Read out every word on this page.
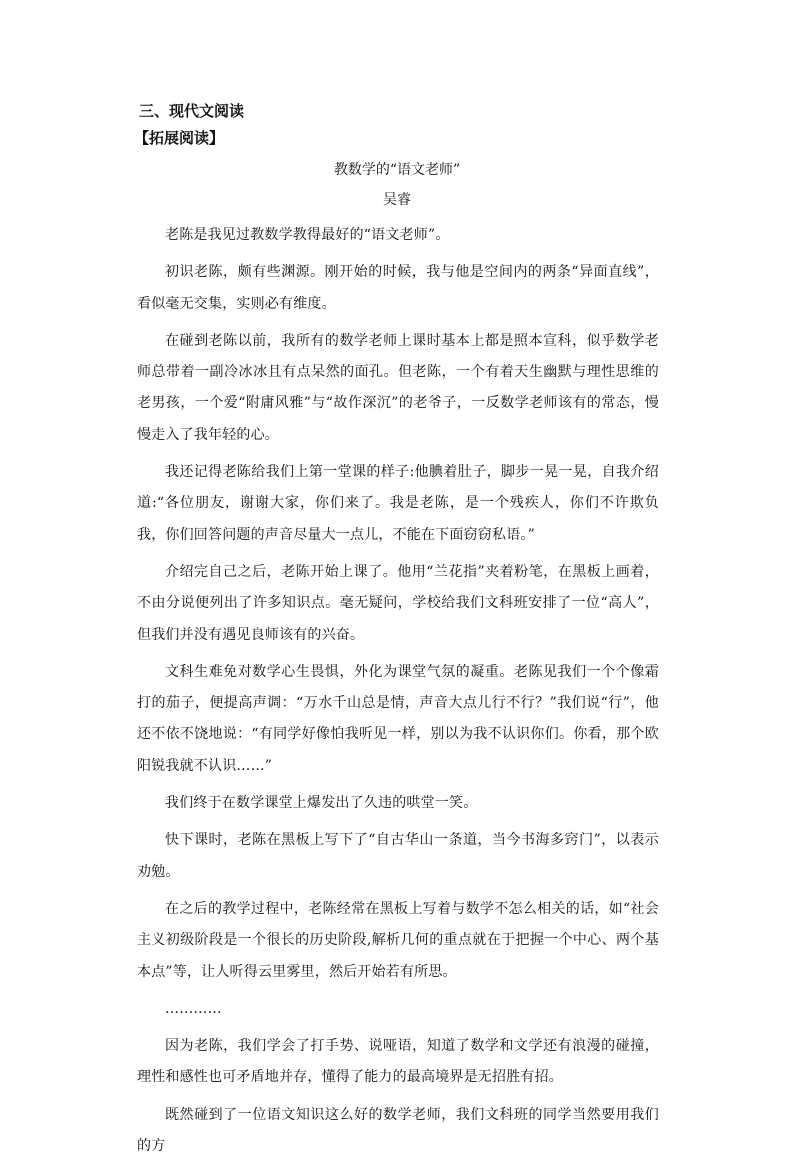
三、现代文阅读
【拓展阅读】
教数学的“语文老师”
吴睿

老陈是我见过教数学教得最好的“语文老师”。

初识老陈，颇有些渊源。刚开始的时候，我与他是空间内的两条“异面直线”，看似毫无交集，实则必有维度。

在碰到老陈以前，我所有的数学老师上课时基本上都是照本宣科，似乎数学老师总带着一副冷冰冰且有点呆然的面孔。但老陈，一个有着天生幽默与理性思维的老男孩，一个爱“附庸风雅”与“故作深沉”的老爷子，一反数学老师该有的常态，慢慢走入了我年轻的心。

我还记得老陈给我们上第一堂课的样子:他腆着肚子，脚步一晃一晃，自我介绍道:“各位朋友，谢谢大家，你们来了。我是老陈，是一个残疾人，你们不许欺负我，你们回答问题的声音尽量大一点儿，不能在下面窃窃私语。”

介绍完自己之后，老陈开始上课了。他用“兰花指”夹着粉笔，在黑板上画着，不由分说便列出了许多知识点。毫无疑问，学校给我们文科班安排了一位“高人”，但我们并没有遇见良师该有的兴奋。

文科生难免对数学心生畏惧，外化为课堂气氛的凝重。老陈见我们一个个像霜打的茄子，便提高声调：“万水千山总是情，声音大点儿行不行？”我们说“行”，他还不依不饶地说：“有同学好像怕我听见一样，别以为我不认识你们。你看，那个欧阳锐我就不认识……”

我们终于在数学课堂上爆发出了久违的哄堂一笑。

快下课时，老陈在黑板上写下了“自古华山一条道，当今书海多窍门”，以表示劝勉。

在之后的教学过程中，老陈经常在黑板上写着与数学不怎么相关的话，如“社会主义初级阶段是一个很长的历史阶段,解析几何的重点就在于把握一个中心、两个基本点”等，让人听得云里雾里，然后开始若有所思。

…………

因为老陈，我们学会了打手势、说哑语，知道了数学和文学还有浪漫的碰撞，理性和感性也可矛盾地并存，懂得了能力的最高境界是无招胜有招。

既然碰到了一位语文知识这么好的数学老师，我们文科班的同学当然要用我们的方
